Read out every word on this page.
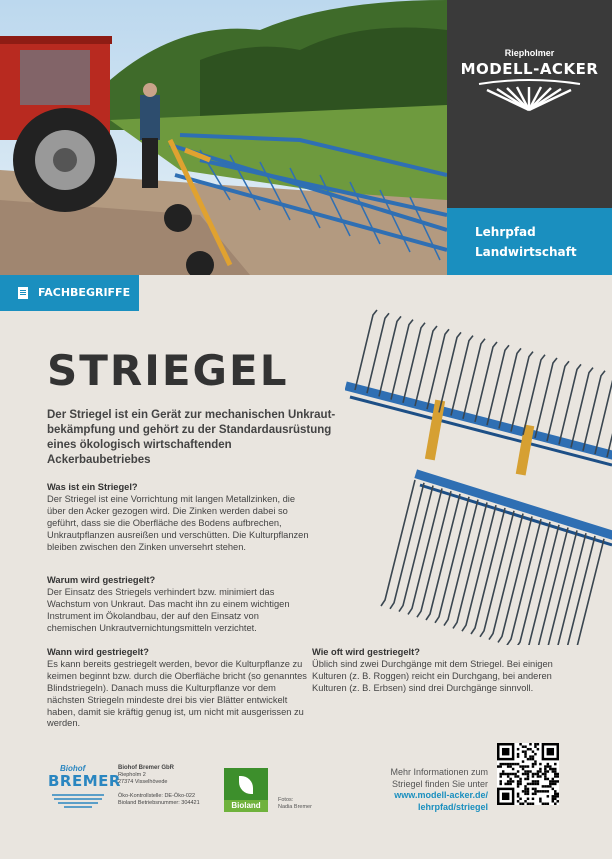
Riepholmer
MODELL-ACKER
Lehrpfad
Landwirtschaft
FACHBEGRIFFE
STRIEGEL

Der Striegel ist ein Gerät zur mechanischen Unkraut-bekämpfung und gehört zu der Standardausrüstung eines ökologisch wirtschaftenden Ackerbaubetriebes

Was ist ein Striegel?

Der Striegel ist eine Vorrichtung mit langen Metallzinken, die über den Acker gezogen wird. Die Zinken werden dabei so geführt, dass sie die Oberfläche des Bodens aufbrechen, Unkrautpflanzen ausreißen und verschütten. Die Kulturpflanzen bleiben zwischen den Zinken unversehrt stehen.

Warum wird gestriegelt?

Der Einsatz des Striegels verhindert bzw. minimiert das Wachstum von Unkraut. Das macht ihn zu einem wichtigen Instrument im Ökolandbau, der auf den Einsatz von chemischen Unkrautvernichtungsmitteln verzichtet.

Wann wird gestriegelt?

Es kann bereits gestriegelt werden, bevor die Kulturpflanze zu keimen beginnt bzw. durch die Oberfläche bricht (so genanntes Blindstriegeln). Danach muss die Kulturpflanze vor dem nächsten Striegeln mindeste drei bis vier Blätter entwickelt haben, damit sie kräftig genug ist, um nicht mit ausgerissen zu werden.

Wie oft wird gestriegelt?

Üblich sind zwei Durchgänge mit dem Striegel. Bei einigen Kulturen (z. B. Roggen) reicht ein Durchgang, bei anderen Kulturen (z. B. Erbsen) sind drei Durchgänge sinnvoll.

Biohof
BREMER
Biohof Bremer GbR
Riepholm 2
27374 Visselhövede

Öko-Kontrollstelle: DE-Öko-022
Bioland Betriebsnummer: 304421	Bioland
Fotos:
Nadia Bremer
Mehr Informationen zum
Striegel finden Sie unter
www.modell-acker.de/
lehrpfad/striegel
